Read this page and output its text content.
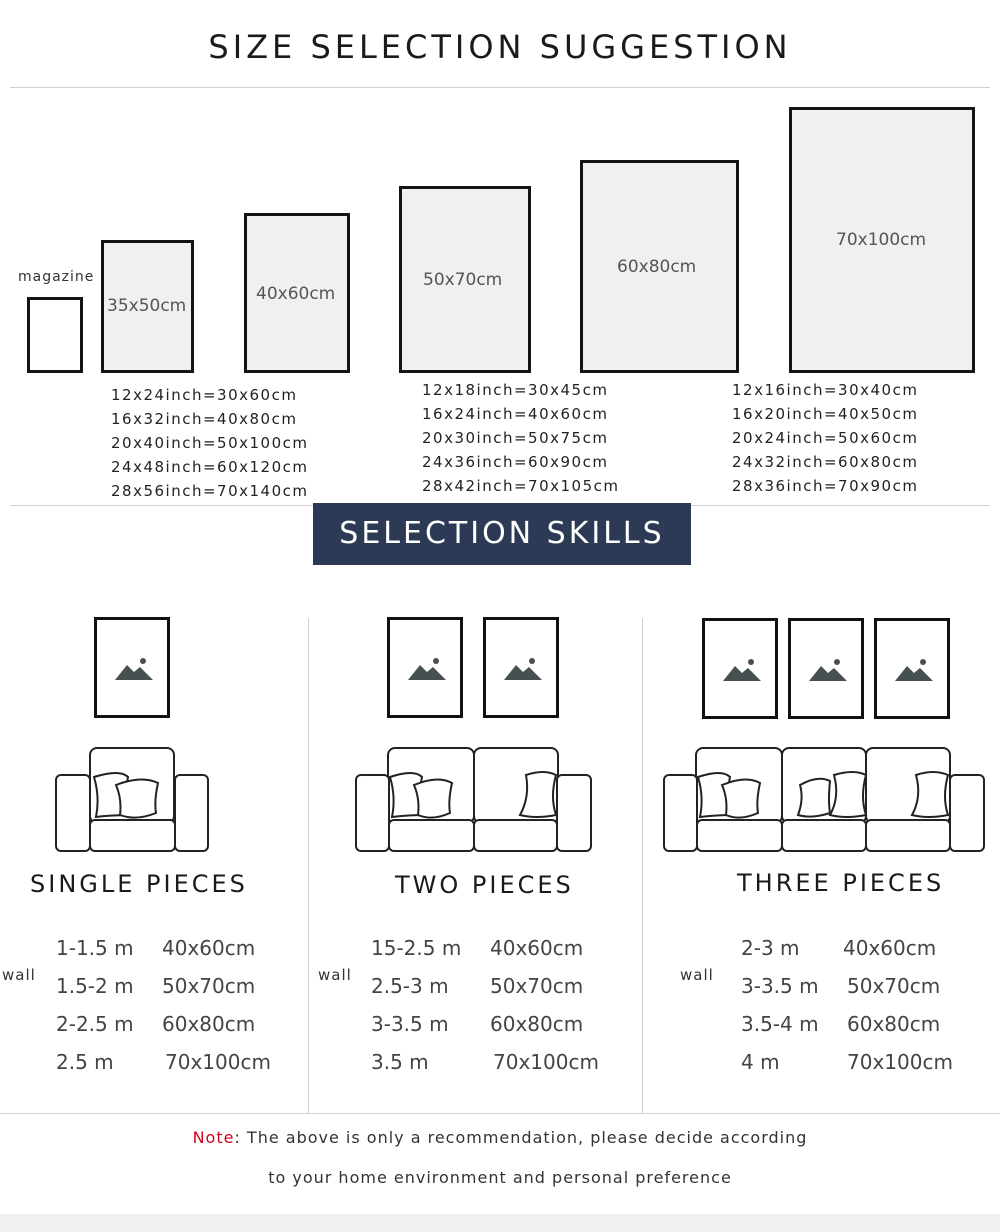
SIZE SELECTION SUGGESTION
magazine
35x50cm
40x60cm
50x70cm
60x80cm
70x100cm
12x24inch=30x60cm
16x32inch=40x80cm
20x40inch=50x100cm
24x48inch=60x120cm
28x56inch=70x140cm
12x18inch=30x45cm
16x24inch=40x60cm
20x30inch=50x75cm
24x36inch=60x90cm
28x42inch=70x105cm
12x16inch=30x40cm
16x20inch=40x50cm
20x24inch=50x60cm
24x32inch=60x80cm
28x36inch=70x90cm
SELECTION SKILLS
SINGLE PIECES	TWO PIECES	THREE PIECES
wall
1-1.5 m 40x60cm
1.5-2 m 50x70cm
2-2.5 m 60x80cm
2.5 m	70x100cm
wall
15-2.5 m 40x60cm
2.5-3 m 50x70cm
3-3.5 m 60x80cm
3.5 m	70x100cm
wall
2-3 m 40x60cm
3-3.5 m 50x70cm
3.5-4 m 60x80cm
4 m	70x100cm
Note: The above is only a recommendation, please decide according
to your home environment and personal preference
